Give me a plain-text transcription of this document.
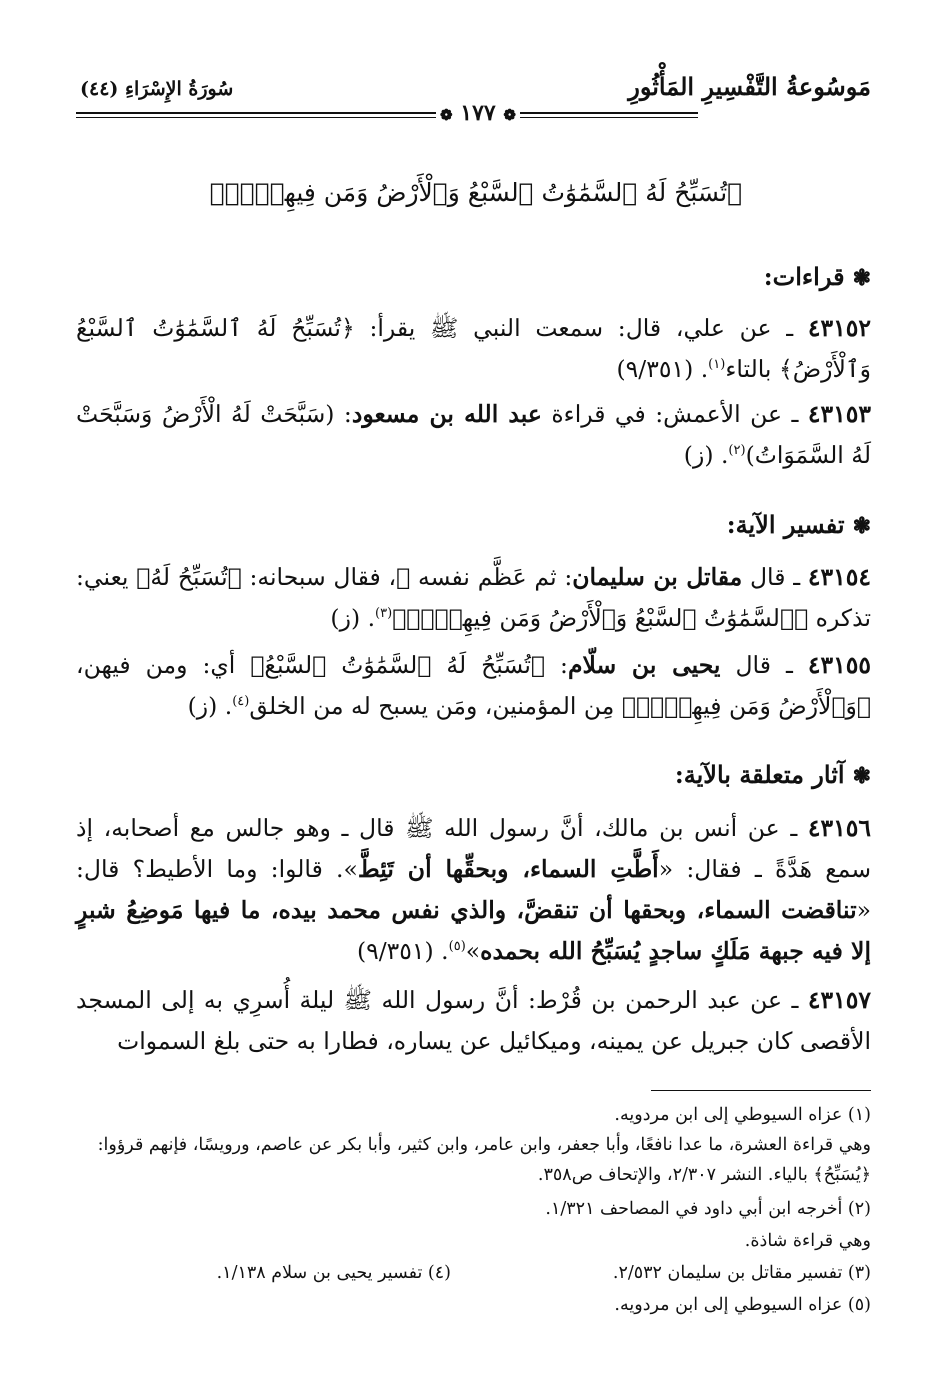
مَوسُوعةُ التَّفْسِيرِ المَأْثُورِ
سُورَةُ الإِسْرَاءِ (٤٤)
❁ ١٧٧ ❁
﴿تُسَبِّحُ لَهُ ٱلسَّمَٰوَٰتُ ٱلسَّبْعُ وَٱلْأَرْضُ وَمَن فِيهِنَّۚ﴾
❃قراءات:
٤٣١٥٢ ـ عن علي، قال: سمعت النبي ﷺ يقرأ: ﴿تُسَبِّحُ لَهُ ٱلسَّمَٰوَٰتُ ٱلسَّبْعُ وَٱلْأَرْضُ﴾ بالتاء$^{(١)}$. (٩/٣٥١)
٤٣١٥٣ ـ عن الأعمش: في قراءة عبد الله بن مسعود: (سَبَّحَتْ لَهُ الْأَرْضُ وَسَبَّحَتْ لَهُ السَّمَوَاتُ)$^{(٢)}$. (ز)
❃تفسير الآية:
٤٣١٥٤ ـ قال مقاتل بن سليمان: ثم عَظَّم نفسه ﷻ، فقال سبحانه: ﴿تُسَبِّحُ لَهُ﴾ يعني: تذكره ﴿ٱلسَّمَٰوَٰتُ ٱلسَّبْعُ وَٱلْأَرْضُ وَمَن فِيهِنَّۚ﴾$^{(٣)}$. (ز)
٤٣١٥٥ ـ قال يحيى بن سلّام: ﴿تُسَبِّحُ لَهُ ٱلسَّمَٰوَٰتُ ٱلسَّبْعُ﴾ أي: ومن فيهن، ﴿وَٱلْأَرْضُ وَمَن فِيهِنَّۚ﴾ مِن المؤمنين، ومَن يسبح له من الخلق$^{(٤)}$. (ز)
❃آثار متعلقة بالآية:
٤٣١٥٦ ـ عن أنس بن مالك، أنَّ رسول الله ﷺ قال ـ وهو جالس مع أصحابه، إذ سمع هَدَّةً ـ فقال: «أَطَّتِ السماء، وبحقِّها أن تَئِطَّ». قالوا: وما الأطيط؟ قال: «تناقضت السماء، وبحقها أن تنقضَّ، والذي نفس محمد بيده، ما فيها مَوضِعُ شبرٍ إلا فيه جبهة مَلَكٍ ساجدٍ يُسَبِّحُ الله بحمده»$^{(٥)}$. (٩/٣٥١)
٤٣١٥٧ ـ عن عبد الرحمن بن قُرْط: أنَّ رسول الله ﷺ ليلة أُسرِي به إلى المسجد الأقصى كان جبريل عن يمينه، وميكائيل عن يساره، فطارا به حتى بلغ السموات
(١) عزاه السيوطي إلى ابن مردويه.
وهي قراءة العشرة، ما عدا نافعًا، وأبا جعفر، وابن عامر، وابن كثير، وأبا بكر عن عاصم، ورويسًا، فإنهم قرؤوا: ﴿يُسَبِّحُ﴾ بالياء. النشر ٢/٣٠٧، والإتحاف ص٣٥٨.
(٢) أخرجه ابن أبي داود في المصاحف ١/٣٢١.
وهي قراءة شاذة.
(٣) تفسير مقاتل بن سليمان ٢/٥٣٢.
(٤) تفسير يحيى بن سلام ١/١٣٨.
(٥) عزاه السيوطي إلى ابن مردويه.
